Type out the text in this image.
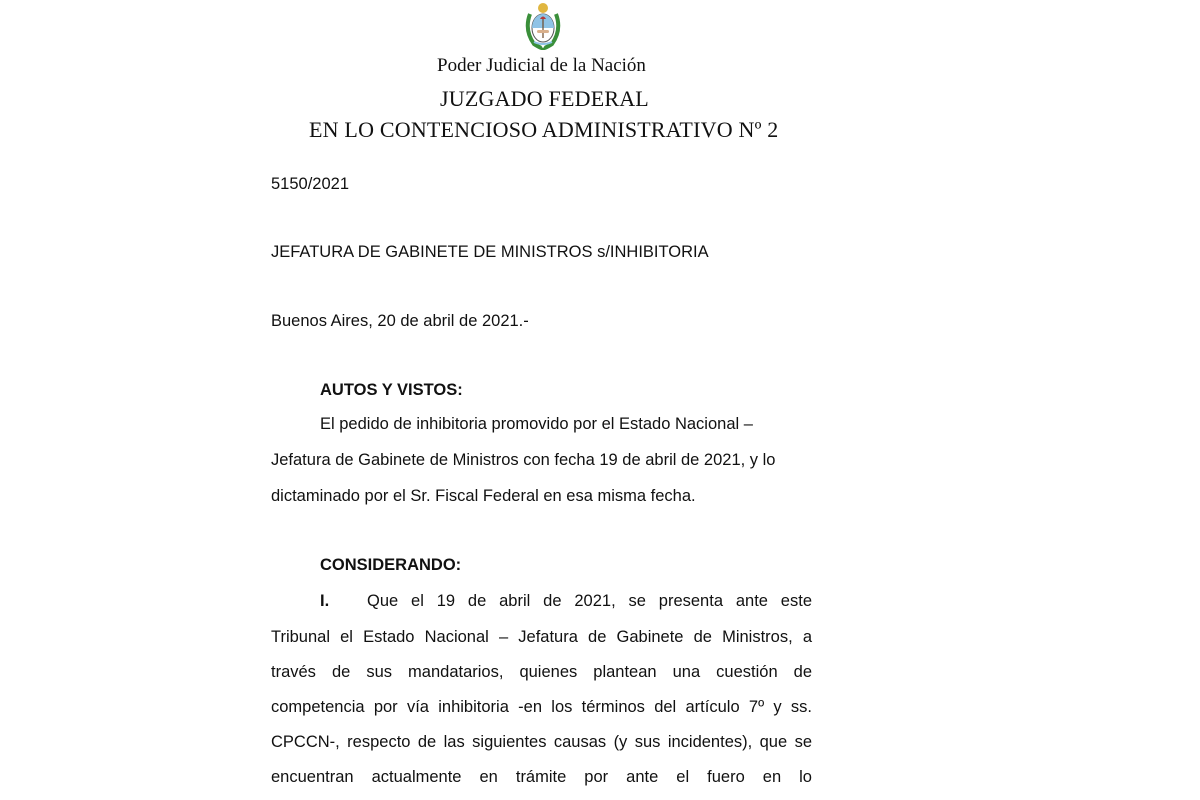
Poder Judicial de la Nación
JUZGADO FEDERAL
EN LO CONTENCIOSO ADMINISTRATIVO Nº 2
5150/2021
JEFATURA DE GABINETE DE MINISTROS s/INHIBITORIA
Buenos Aires, 20 de abril de 2021.-
AUTOS Y VISTOS:
El pedido de inhibitoria promovido por el Estado Nacional –
Jefatura de Gabinete de Ministros con fecha 19 de abril de 2021, y lo
dictaminado por el Sr. Fiscal Federal en esa misma fecha.
CONSIDERANDO:
I. Que el 19 de abril de 2021, se presenta ante este
Tribunal el Estado Nacional – Jefatura de Gabinete de Ministros, a
través de sus mandatarios, quienes plantean una cuestión de
competencia por vía inhibitoria -en los términos del artículo 7º y ss.
CPCCN-, respecto de las siguientes causas (y sus incidentes), que se
encuentran actualmente en trámite por ante el fuero en lo
